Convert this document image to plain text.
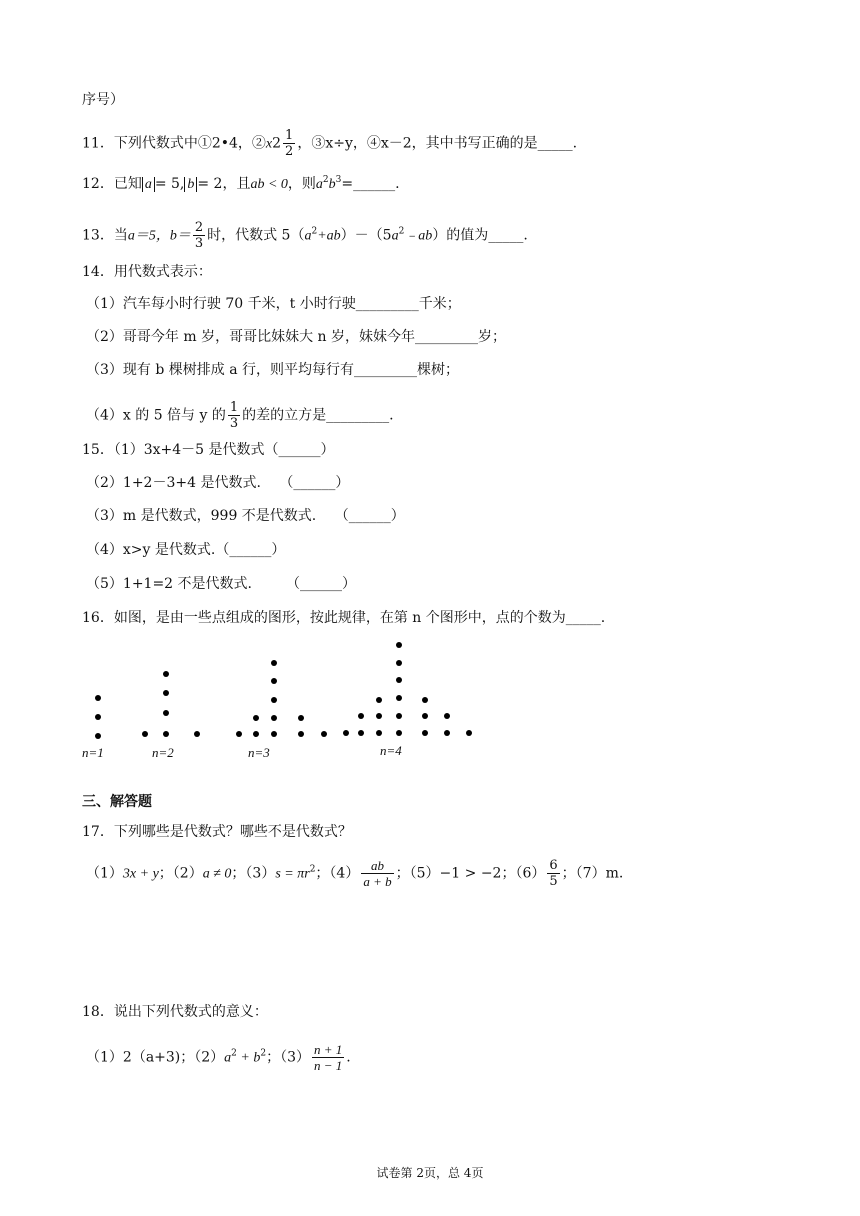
序号）
11．下列代数式中①2•4，②x2 $\frac{1}{2}$ ，③x÷y，④x－2，其中书写正确的是_____.
12．已知 a = 5, b = 2，且ab < 0，则$a^2b^3=\_\_\_\_\_\_$.
13．当a＝5，$b= \frac{2}{3}$ 时，代数式 $5(a^2+ab)-(5a^2﹣ab)$的值为_____.
14．用代数式表示：
（1）汽车每小时行驶 70 千米，t 小时行驶_________千米；
（2）哥哥今年 m 岁，哥哥比妹妹大 n 岁，妹妹今年_________岁；
（3）现有 b 棵树排成 a 行，则平均每行有_________棵树；
（4）x 的 5 倍与 y 的 $\frac{1}{3}$ 的差的立方是_________.
15．（1）3x+4－5 是代数式（______）
（2）1+2－3+4 是代数式. （______）
（3）m 是代数式，999 不是代数式. （______）
（4）x>y 是代数式.（______）
（5）1+1=2 不是代数式. （______）
16．如图，是由一些点组成的图形，按此规律，在第 n 个图形中，点的个数为_____.
n=1	n=2	n=3	n=4
三、解答题
17．下列哪些是代数式？哪些不是代数式？
（1）3x + y；（2）a ≠ 0；$(3)s = \pi r^2$；$(4) \frac{ab}{a + b}$ ；（5）−1 > −2；$(6) \frac{6}{5}$ ；（7）m.
18．说出下列代数式的意义：
（1）2（a+3)；$(2)a^2 + b^2$；$(3) \frac{n + 1}{n - 1}$ .
试卷第 2页，总 4页
